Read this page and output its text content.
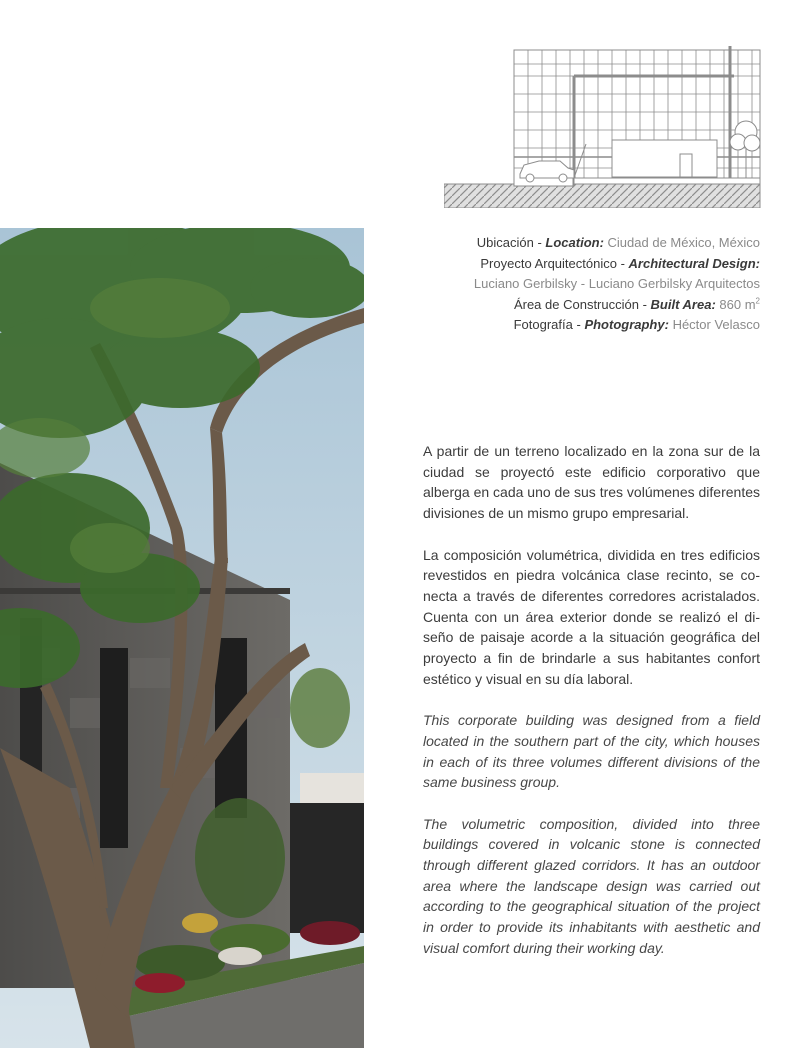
Ubicación - Location: Ciudad de México, México
Proyecto Arquitectónico - Architectural Design:
Luciano Gerbilsky - Luciano Gerbilsky Arquitectos
Área de Construcción - Built Area: 860 $m^2$
Fotografía - Photography: Héctor Velasco

A partir de un terreno localizado en la zona sur de la ciudad se proyectó este edificio corporativo que alberga en cada uno de sus tres volúmenes diferentes divisiones de un mismo grupo empresarial.

La composición volumétrica, dividida en tres edificios revestidos en piedra volcánica clase recinto, se conecta a través de diferentes corredores acristalados. Cuenta con un área exterior donde se realizó el diseño de paisaje acorde a la situación geográfica del proyecto a fin de brindarle a sus habitantes confort estético y visual en su día laboral.

This corporate building was designed from a field located in the southern part of the city, which houses in each of its three volumes different divisions of the same business group.

The volumetric composition, divided into three buildings covered in volcanic stone is connected through different glazed corridors. It has an outdoor area where the landscape design was carried out according to the geographical situation of the project in order to provide its inhabitants with aesthetic and visual comfort during their working day.
